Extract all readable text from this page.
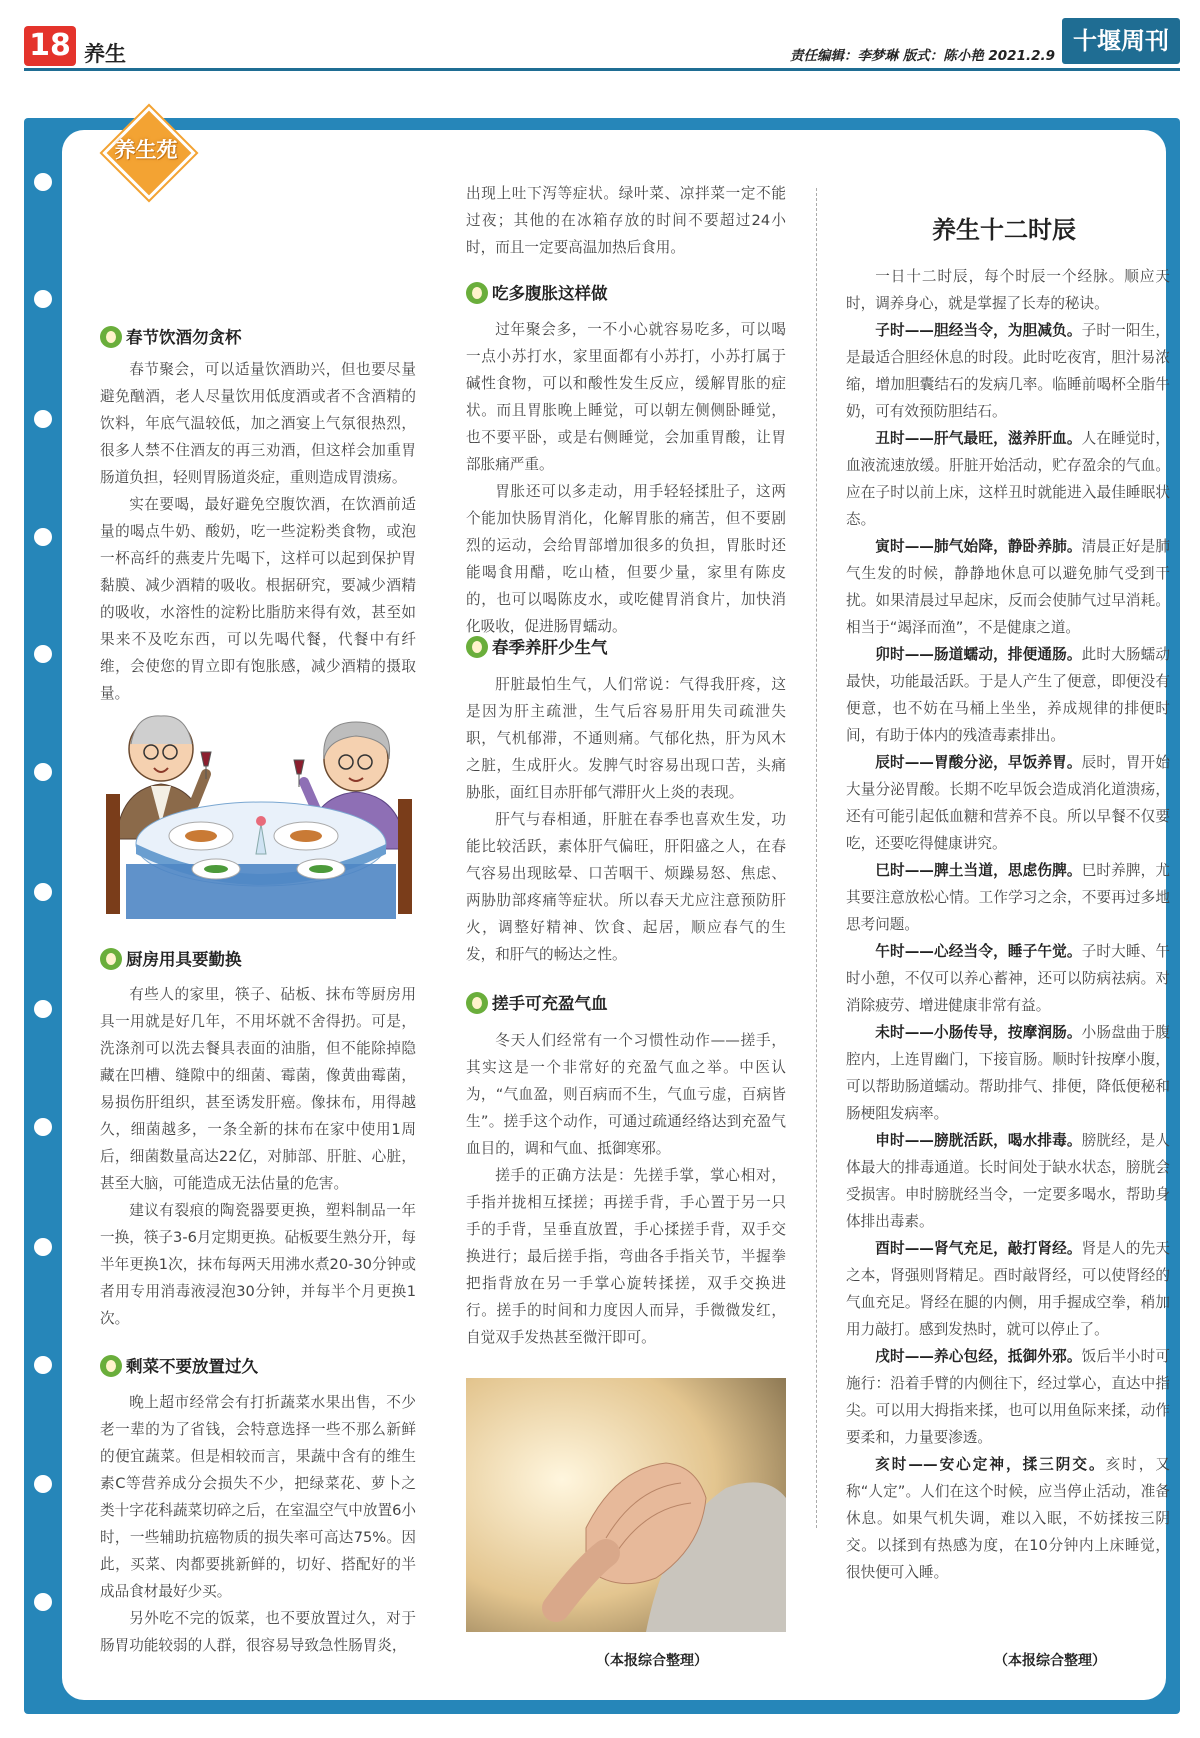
18 养生	责任编辑：李梦琳 版式：陈小艳 2021.2.9
十堰周刊
养生苑
春节饮酒勿贪杯
春节聚会，可以适量饮酒助兴，但也要尽量避免酗酒，老人尽量饮用低度酒或者不含酒精的饮料，年底气温较低，加之酒宴上气氛很热烈，很多人禁不住酒友的再三劝酒，但这样会加重胃肠道负担，轻则胃肠道炎症，重则造成胃溃疡。
实在要喝，最好避免空腹饮酒，在饮酒前适量的喝点牛奶、酸奶，吃一些淀粉类食物，或泡一杯高纤的燕麦片先喝下，这样可以起到保护胃黏膜、减少酒精的吸收。根据研究，要减少酒精的吸收，水溶性的淀粉比脂肪来得有效，甚至如果来不及吃东西，可以先喝代餐，代餐中有纤维，会使您的胃立即有饱胀感，减少酒精的摄取量。
厨房用具要勤换
有些人的家里，筷子、砧板、抹布等厨房用具一用就是好几年，不用坏就不舍得扔。可是，洗涤剂可以洗去餐具表面的油脂，但不能除掉隐藏在凹槽、缝隙中的细菌、霉菌，像黄曲霉菌，易损伤肝组织，甚至诱发肝癌。像抹布，用得越久，细菌越多，一条全新的抹布在家中使用1周后，细菌数量高达22亿，对肺部、肝脏、心脏，甚至大脑，可能造成无法估量的危害。
建议有裂痕的陶瓷器要更换，塑料制品一年一换，筷子3-6月定期更换。砧板要生熟分开，每半年更换1次，抹布每两天用沸水煮20-30分钟或者用专用消毒液浸泡30分钟，并每半个月更换1次。
剩菜不要放置过久
晚上超市经常会有打折蔬菜水果出售，不少老一辈的为了省钱，会特意选择一些不那么新鲜的便宜蔬菜。但是相较而言，果蔬中含有的维生素C等营养成分会损失不少，把绿菜花、萝卜之类十字花科蔬菜切碎之后，在室温空气中放置6小时，一些辅助抗癌物质的损失率可高达75%。因此，买菜、肉都要挑新鲜的，切好、搭配好的半成品食材最好少买。
另外吃不完的饭菜，也不要放置过久，对于肠胃功能较弱的人群，很容易导致急性肠胃炎，
出现上吐下泻等症状。绿叶菜、凉拌菜一定不能过夜；其他的在冰箱存放的时间不要超过24小时，而且一定要高温加热后食用。
吃多腹胀这样做
过年聚会多，一不小心就容易吃多，可以喝一点小苏打水，家里面都有小苏打，小苏打属于碱性食物，可以和酸性发生反应，缓解胃胀的症状。而且胃胀晚上睡觉，可以朝左侧侧卧睡觉，也不要平卧，或是右侧睡觉，会加重胃酸，让胃部胀痛严重。
胃胀还可以多走动，用手轻轻揉肚子，这两个能加快肠胃消化，化解胃胀的痛苦，但不要剧烈的运动，会给胃部增加很多的负担，胃胀时还能喝食用醋，吃山楂，但要少量，家里有陈皮的，也可以喝陈皮水，或吃健胃消食片，加快消化吸收，促进肠胃蠕动。
春季养肝少生气
肝脏最怕生气，人们常说：气得我肝疼，这是因为肝主疏泄，生气后容易肝用失司疏泄失职，气机郁滞，不通则痛。气郁化热，肝为风木之脏，生成肝火。发脾气时容易出现口苦，头痛胁胀，面红目赤肝郁气滞肝火上炎的表现。
肝气与春相通，肝脏在春季也喜欢生发，功能比较活跃，素体肝气偏旺，肝阳盛之人，在春气容易出现眩晕、口苦咽干、烦躁易怒、焦虑、两胁肋部疼痛等症状。所以春天尤应注意预防肝火，调整好精神、饮食、起居，顺应春气的生发，和肝气的畅达之性。
搓手可充盈气血
冬天人们经常有一个习惯性动作——搓手，其实这是一个非常好的充盈气血之举。中医认为，“气血盈，则百病而不生，气血亏虚，百病皆生”。搓手这个动作，可通过疏通经络达到充盈气血目的，调和气血、抵御寒邪。
搓手的正确方法是：先搓手掌，掌心相对，手指并拢相互揉搓；再搓手背，手心置于另一只手的手背，呈垂直放置，手心揉搓手背，双手交换进行；最后搓手指，弯曲各手指关节，半握拳把指背放在另一手掌心旋转揉搓，双手交换进行。搓手的时间和力度因人而异，手微微发红，自觉双手发热甚至微汗即可。
（本报综合整理）
养生十二时辰
一日十二时辰，每个时辰一个经脉。顺应天时，调养身心，就是掌握了长寿的秘诀。
子时——胆经当令，为胆减负。子时一阳生，是最适合胆经休息的时段。此时吃夜宵，胆汁易浓缩，增加胆囊结石的发病几率。临睡前喝杯全脂牛奶，可有效预防胆结石。
丑时——肝气最旺，滋养肝血。人在睡觉时，血液流速放缓。肝脏开始活动，贮存盈余的气血。应在子时以前上床，这样丑时就能进入最佳睡眠状态。
寅时——肺气始降，静卧养肺。清晨正好是肺气生发的时候，静静地休息可以避免肺气受到干扰。如果清晨过早起床，反而会使肺气过早消耗。相当于“竭泽而渔”，不是健康之道。
卯时——肠道蠕动，排便通肠。此时大肠蠕动最快，功能最活跃。于是人产生了便意，即便没有便意，也不妨在马桶上坐坐，养成规律的排便时间，有助于体内的残渣毒素排出。
辰时——胃酸分泌，早饭养胃。辰时，胃开始大量分泌胃酸。长期不吃早饭会造成消化道溃疡，还有可能引起低血糖和营养不良。所以早餐不仅要吃，还要吃得健康讲究。
巳时——脾土当道，思虑伤脾。巳时养脾，尤其要注意放松心情。工作学习之余，不要再过多地思考问题。
午时——心经当令，睡子午觉。子时大睡、午时小憩，不仅可以养心蓄神，还可以防病祛病。对消除疲劳、增进健康非常有益。
未时——小肠传导，按摩润肠。小肠盘曲于腹腔内，上连胃幽门，下接盲肠。顺时针按摩小腹，可以帮助肠道蠕动。帮助排气、排便，降低便秘和肠梗阻发病率。
申时——膀胱活跃，喝水排毒。膀胱经，是人体最大的排毒通道。长时间处于缺水状态，膀胱会受损害。申时膀胱经当令，一定要多喝水，帮助身体排出毒素。
酉时——肾气充足，敲打肾经。肾是人的先天之本，肾强则肾精足。酉时敲肾经，可以使肾经的气血充足。肾经在腿的内侧，用手握成空拳，稍加用力敲打。感到发热时，就可以停止了。
戌时——养心包经，抵御外邪。饭后半小时可施行：沿着手臂的内侧往下，经过掌心，直达中指尖。可以用大拇指来揉，也可以用鱼际来揉，动作要柔和，力量要渗透。
亥时——安心定神，揉三阴交。亥时，又称“人定”。人们在这个时候，应当停止活动，准备休息。如果气机失调，难以入眠，不妨揉按三阴交。以揉到有热感为度，在10分钟内上床睡觉，很快便可入睡。
（本报综合整理）
